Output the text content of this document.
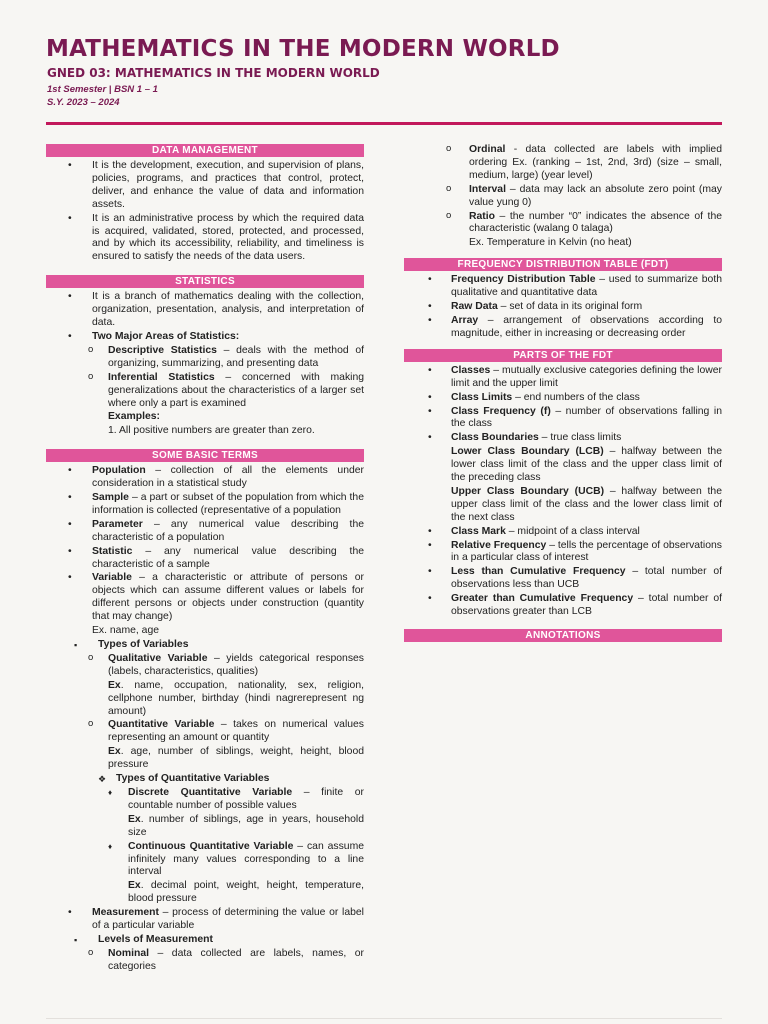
MATHEMATICS IN THE MODERN WORLD
GNED 03: MATHEMATICS IN THE MODERN WORLD
1st Semester | BSN 1 – 1
S.Y. 2023 – 2024
DATA MANAGEMENT
• It is the development, execution, and supervision of plans, policies, programs, and practices that control, protect, deliver, and enhance the value of data and information assets.
• It is an administrative process by which the required data is acquired, validated, stored, protected, and processed, and by which its accessibility, reliability, and timeliness is ensured to satisfy the needs of the data users.
STATISTICS
• It is a branch of mathematics dealing with the collection, organization, presentation, analysis, and interpretation of data.
• Two Major Areas of Statistics:
o Descriptive Statistics – deals with the method of organizing, summarizing, and presenting data
o Inferential Statistics – concerned with making generalizations about the characteristics of a larger set where only a part is examined
Examples:
1. All positive numbers are greater than zero.
SOME BASIC TERMS
• Population – collection of all the elements under consideration in a statistical study
• Sample – a part or subset of the population from which the information is collected (representative of a population
• Parameter – any numerical value describing the characteristic of a population
• Statistic – any numerical value describing the characteristic of a sample
• Variable – a characteristic or attribute of persons or objects which can assume different values or labels for different persons or objects under construction (quantity that may change)
Ex. name, age
▪ Types of Variables
o Qualitative Variable – yields categorical responses (labels, characteristics, qualities)
Ex. name, occupation, nationality, sex, religion, cellphone number, birthday (hindi nagrerepresent ng amount)
o Quantitative Variable – takes on numerical values representing an amount or quantity
Ex. age, number of siblings, weight, height, blood pressure
❖ Types of Quantitative Variables
♦ Discrete Quantitative Variable – finite or countable number of possible values
Ex. number of siblings, age in years, household size
♦ Continuous Quantitative Variable – can assume infinitely many values corresponding to a line interval
Ex. decimal point, weight, height, temperature, blood pressure
• Measurement – process of determining the value or label of a particular variable
▪ Levels of Measurement
o Nominal – data collected are labels, names, or categories
o Ordinal - data collected are labels with implied ordering Ex. (ranking – 1st, 2nd, 3rd) (size – small, medium, large) (year level)
o Interval – data may lack an absolute zero point (may value yung 0)
o Ratio – the number “0” indicates the absence of the characteristic (walang 0 talaga)
Ex. Temperature in Kelvin (no heat)
FREQUENCY DISTRIBUTION TABLE (FDT)
• Frequency Distribution Table – used to summarize both qualitative and quantitative data
• Raw Data – set of data in its original form
• Array – arrangement of observations according to magnitude, either in increasing or decreasing order
PARTS OF THE FDT
• Classes – mutually exclusive categories defining the lower limit and the upper limit
• Class Limits – end numbers of the class
• Class Frequency (f) – number of observations falling in the class
• Class Boundaries – true class limits
Lower Class Boundary (LCB) – halfway between the lower class limit of the class and the upper class limit of the preceding class
Upper Class Boundary (UCB) – halfway between the upper class limit of the class and the lower class limit of the next class
• Class Mark – midpoint of a class interval
• Relative Frequency – tells the percentage of observations in a particular class of interest
• Less than Cumulative Frequency – total number of observations less than UCB
• Greater than Cumulative Frequency – total number of observations greater than LCB
ANNOTATIONS
